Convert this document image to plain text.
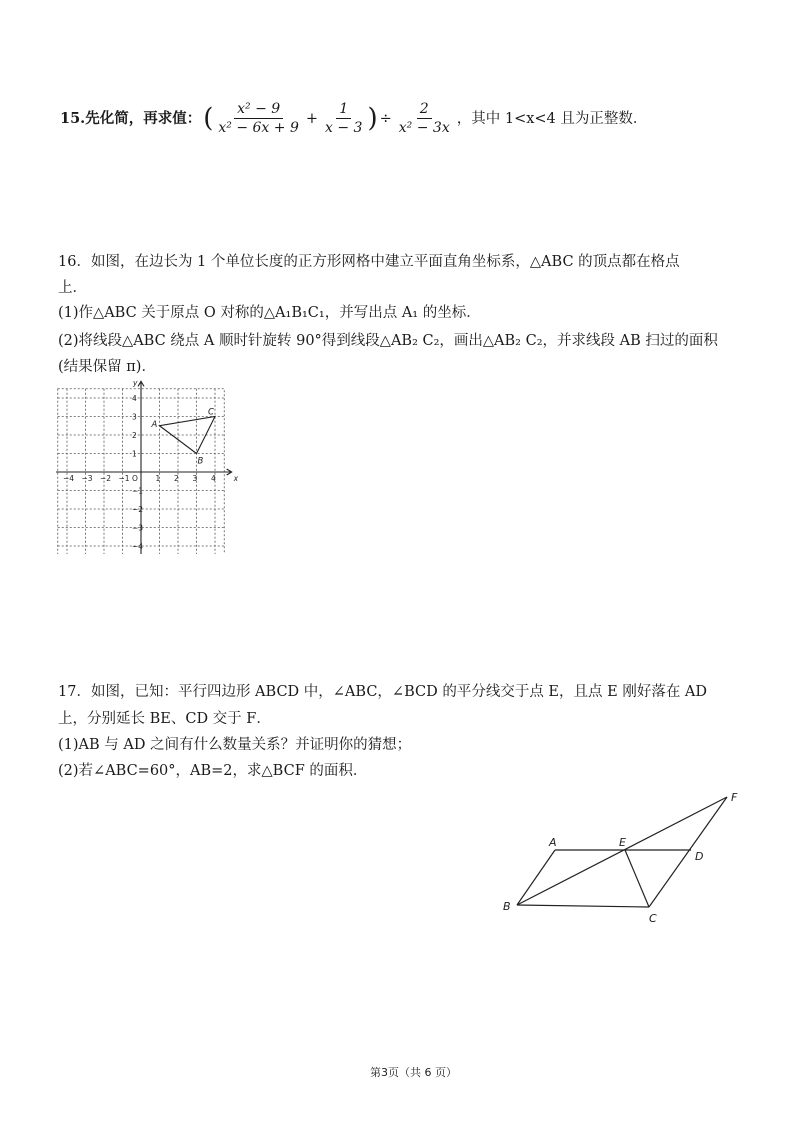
15.先化简，再求值：( $\frac{\text{x² − 9}}{\text{x² − 6x + 9}} + \frac{1}{x - 3}$ ) ÷ $\frac{2}{\text{x² − 3x}}$ ，其中 1<x<4 且为正整数．
16．如图，在边长为 1 个单位长度的正方形网格中建立平面直角坐标系，△ABC 的顶点都在格点
上．
(1)作△ABC 关于原点 O 对称的△A₁B₁C₁，并写出点 A₁ 的坐标．
(2)将线段△ABC 绕点 A 顺时针旋转 90°得到线段△AB₂ C₂，画出△AB₂ C₂，并求线段 AB 扫过的面积
(结果保留 π)．
−4 −3 −2 −1	1 2 3 4
4
3
2
1
−1
−2
−3
−4
O	x
y
A
B
C
17．如图，已知：平行四边形 ABCD 中，∠ABC，∠BCD 的平分线交于点 E，且点 E 刚好落在 AD
上，分别延长 BE、CD 交于 F．
(1)AB 与 AD 之间有什么数量关系？并证明你的猜想；
(2)若∠ABC=60°，AB=2，求△BCF 的面积．
A	E
D
B
C
F
第3页（共 6 页）
